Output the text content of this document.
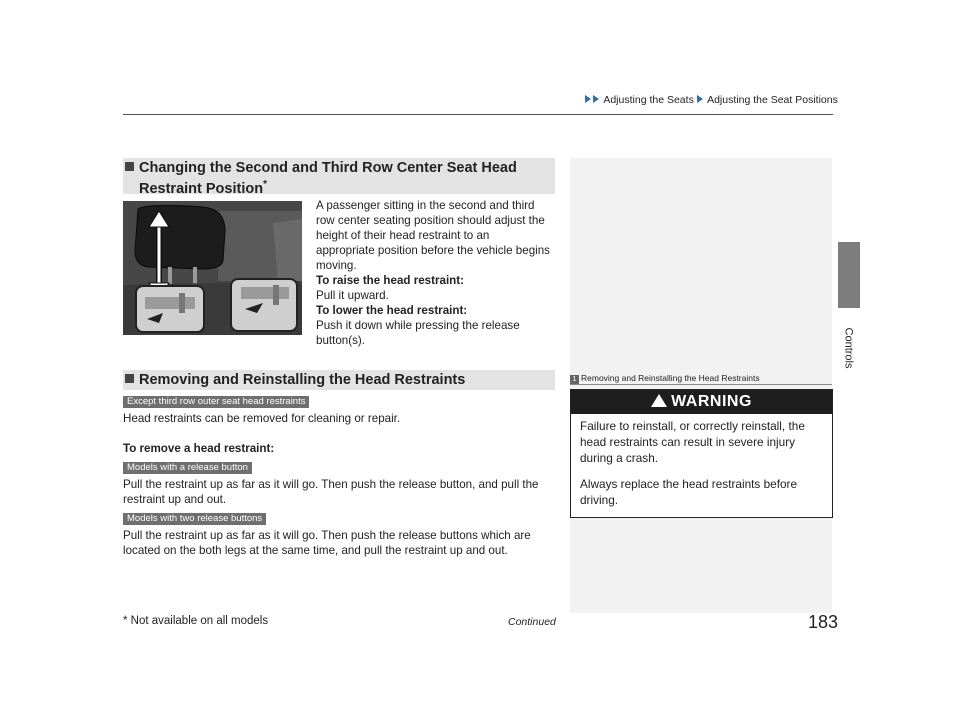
Adjusting the Seats Adjusting the Seat Positions
Controls
Changing the Second and Third Row Center Seat Head
Restraint Position*
A passenger sitting in the second and third
row center seating position should adjust the
height of their head restraint to an
appropriate position before the vehicle begins
moving.
To raise the head restraint:
Pull it upward.
To lower the head restraint:
Push it down while pressing the release
button(s).
Removing and Reinstalling the Head Restraints
Except third row outer seat head restraints
Head restraints can be removed for cleaning or repair.
To remove a head restraint:
Models with a release button
Pull the restraint up as far as it will go. Then push the release button, and pull the
restraint up and out.
Models with two release buttons
Pull the restraint up as far as it will go. Then push the release buttons which are
located on the both legs at the same time, and pull the restraint up and out.
1 Removing and Reinstalling the Head Restraints
WARNING
Failure to reinstall, or correctly reinstall, the
head restraints can result in severe injury
during a crash.
Always replace the head restraints before
driving.
* Not available on all models	Continued	183
